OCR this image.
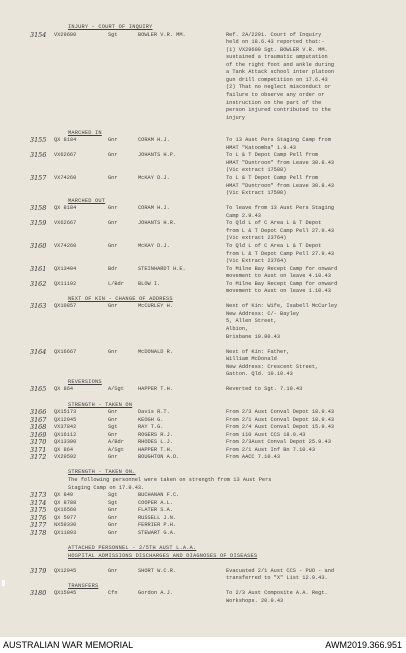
INJURY - COURT OF INQUIRY
3154 VX29600	Sgt	BOWLER V.R. MM.	Ref. 2A/2291. Court of Inquiry
held on 18.6.43 reported that:-
(1) VX29600 Sgt. BOWLER V.R. MM.
sustained a traumatic amputation
of the right foot and ankle during
a Tank Attack school inter platoon
gun drill competition on 17.6.43
(2) That no neglect misconduct or
failure to observe any order or
instruction on the part of the
person injured contributed to the
injury
MARCHED IN
3155 QX 8184	Gnr	CORAM H.J.	To 13 Aust Pers Staging Camp from
HMAT "Katoomba" 1.9.43
3156 VX62667	Gnr	JOHANTS H.P.	To L & T Depot Camp Pell from
HMAT "Duntroon" from Leave 30.8.43
(Vic extract 17588)
3157 VX74260	Gnr	McKAY D.J.	To L & T Depot Camp Pell from
HMAT "Duntroon" from Leave 30.8.43
(Vic Extract 17590)
MARCHED OUT
3158 QX 8184	Gnr	CORAM H.J.	To leave from 13 Aust Pers Staging
Camp 2.9.43
3159 VX62667	Gnr	JOHANTS H.R.	To Qld L of C Area L & T Depot
from L & T Depot Camp Pell 27.9.43
(Vic extract 23764)
3160 VX74260	Gnr	McKAY D.J.	To Qld L of C Area L & T Depot
from L & T Depot Camp Pell 27.9.43
(Vic Extract 23764)
3161 QX13404	Bdr	STEINHARDT H.E.	To Milne Bay Recept Camp for onward
movement to Aust on leave 4.10.43
3162 QX11192	L/Bdr	BLOW I.	To Milne Bay Recept Camp for onward
movement to Aust on leave 1.10.43
NEXT OF KIN - CHANGE OF ADDRESS
3163 QX10857	Gnr	McCURLEY H.	Next of Kin: Wife, Isabell McCurley
New Address: C/- Bayley
5, Allen Street,
Albion,
Brisbane 10.80.43
3164 QX16667	Gnr	McDONALD R.	Next of Kin: Father,
William McDonald
New Address: Crescent Street,
Gatton. Qld. 10.10.43
REVERSIONS
3165 QX 864	A/Sgt	HAPPER T.H.	Reverted to Sgt. 7.10.43
STRENGTH - TAKEN ON
3166 QX15173	Gnr	Davis R.T.	From 2/3 Aust Conval Depot 18.9.43
3167 QX12045	Gnr	KEOGH G.	From 2/1 Aust Conval Depot 18.9.43
3168 VX37842	Sgt	RAY T.G.	From 2/4 Aust Conval Depot 15.9.43
3169 QX16112	Gnr	ROGERS R.J.	From 110 Aust CCS 18.9.43
3170 QX13390	A/Bdr	RHODES L.J.	From 2/3Aust Conval Depot 25.9.43
3171 QX 864	A/Sgt	HAPPER T.H.	From 2/1 Aust Inf Bn 7.10.43
3172 VX29592	Gnr	BOUGHTON A.D.	From AACC 7.10.43
STRENGTH - TAKEN ON.
The following personnel were taken on strength from 13 Aust Pers
Staging Camp on 17.9.43.
3173 QX 849	Sgt	BUCHANAN F.C.
3174 QX 8788	Sgt	COOPER A.L.
3175 QX16560	Gnr	FLATER S.A.
3176 QX 5977	Gnr	RUSSELL J.N.
3177 NX59330	Gnr	FERRIER P.H.
3178 QX11893	Gnr	STEWART G.A.
ATTACHED PERSONNEL - 2/5TH AUST L.A.A.
HOSPITAL ADMISSIONS DISCHARGES AND DIAGNOSES OF DISEASES
3179 QX12945	Gnr	SHORT W.C.R.	Evacuated 2/1 Aust CCS - PUO - and
transferred to "X" List 12.9.43.
TRANSFERS
3180 QX15045	Cfn	Gordon A.J.	To 2/3 Aust Composite A.A. Regt.
Workshops. 20.9.43
AUSTRALIAN WAR MEMORIAL	AWM2019.366.951
